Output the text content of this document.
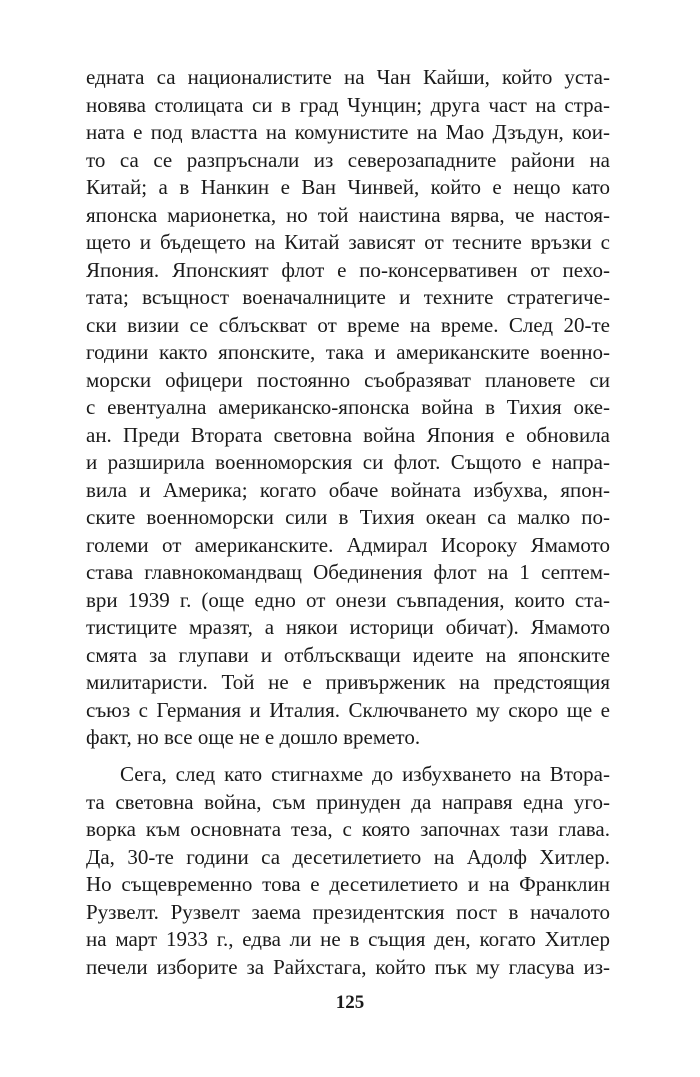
едната са националистите на Чан Кайши, който уста-
новява столицата си в град Чунцин; друга част на стра-
ната е под властта на комунистите на Мао Дзъдун, кои-
то са се разпръснали из северозападните райони на
Китай; а в Нанкин е Ван Чинвей, който е нещо като
японска марионетка, но той наистина вярва, че настоя-
щето и бъдещето на Китай зависят от тесните връзки с
Япония. Японският флот е по-консервативен от пехо-
тата; всъщност военачалниците и техните стратегиче-
ски визии се сблъскват от време на време. След 20-те
години както японските, така и американските военно-
морски офицери постоянно съобразяват плановете си
с евентуална американско-японска война в Тихия оке-
ан. Преди Втората световна война Япония е обновила
и разширила военноморския си флот. Същото е напра-
вила и Америка; когато обаче войната избухва, япон-
ските военноморски сили в Тихия океан са малко по-
големи от американските. Адмирал Исороку Ямамото
става главнокомандващ Обединения флот на 1 септем-
ври 1939 г. (още едно от онези съвпадения, които ста-
тистиците мразят, а някои историци обичат). Ямамото
смята за глупави и отблъскващи идеите на японските
милитаристи. Той не е привърженик на предстоящия
съюз с Германия и Италия. Сключването му скоро ще е
факт, но все още не е дошло времето.
Сега, след като стигнахме до избухването на Втора-
та световна война, съм принуден да направя една уго-
ворка към основната теза, с която започнах тази глава.
Да, 30-те години са десетилетието на Адолф Хитлер.
Но същевременно това е десетилетието и на Франклин
Рузвелт. Рузвелт заема президентския пост в началото
на март 1933 г., едва ли не в същия ден, когато Хитлер
печели изборите за Райхстага, който пък му гласува из-
125
